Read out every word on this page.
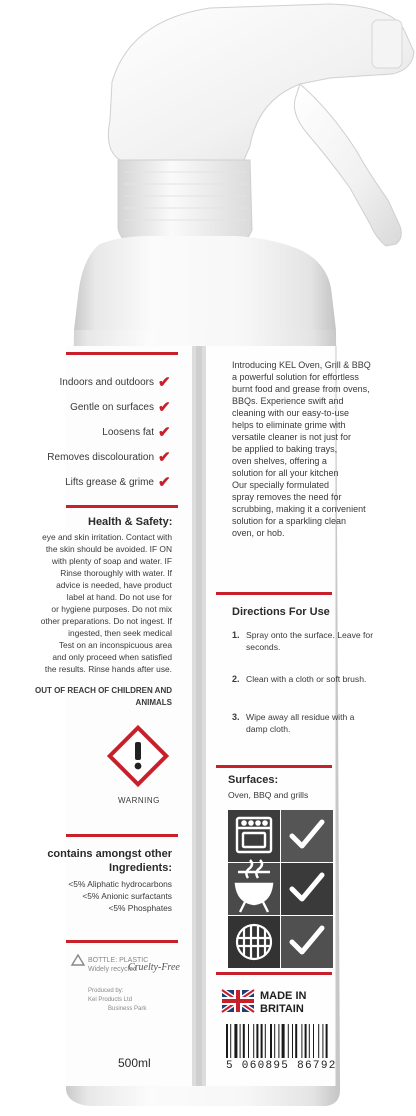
Introducing KEL Oven, Grill & BBQ
a powerful solution for effortless
burnt food and grease from ovens,
BBQs. Experience swift and
cleaning with our easy-to-use
helps to eliminate grime with
versatile cleaner is not just for
be applied to baking trays,
oven shelves, offering a
solution for all your kitchen
Our specially formulated
spray removes the need for
scrubbing, making it a convenient
solution for a sparkling clean
oven, or hob.
Indoors and outdoors ✔
Gentle on surfaces ✔
Loosens fat ✔
Removes discolouration ✔
Lifts grease & grime ✔
Health & Safety:
eye and skin irritation. Contact with
the skin should be avoided. IF ON
with plenty of soap and water. IF
Rinse thoroughly with water. If
advice is needed, have product
label at hand. Do not use for
or hygiene purposes. Do not mix
other preparations. Do not ingest. If
ingested, then seek medical
Test on an inconspicuous area
and only proceed when satisfied
the results. Rinse hands after use.
OUT OF REACH OF CHILDREN AND
ANIMALS
WARNING
contains amongst other
Ingredients:
<5% Aliphatic hydrocarbons
<5% Anionic surfactants
<5% Phosphates
BOTTLE: PLASTIC
Widely recycled
Cruelty-Free
Produced by:
Kel Products Ltd
Business Park
500ml
Directions For Use
1. Spray onto the surface. Leave for
seconds.
2. Clean with a cloth or soft brush.
3. Wipe away all residue with a
damp cloth.
Surfaces:
Oven, BBQ and grills
MADE IN
BRITAIN
5 060895 86792
